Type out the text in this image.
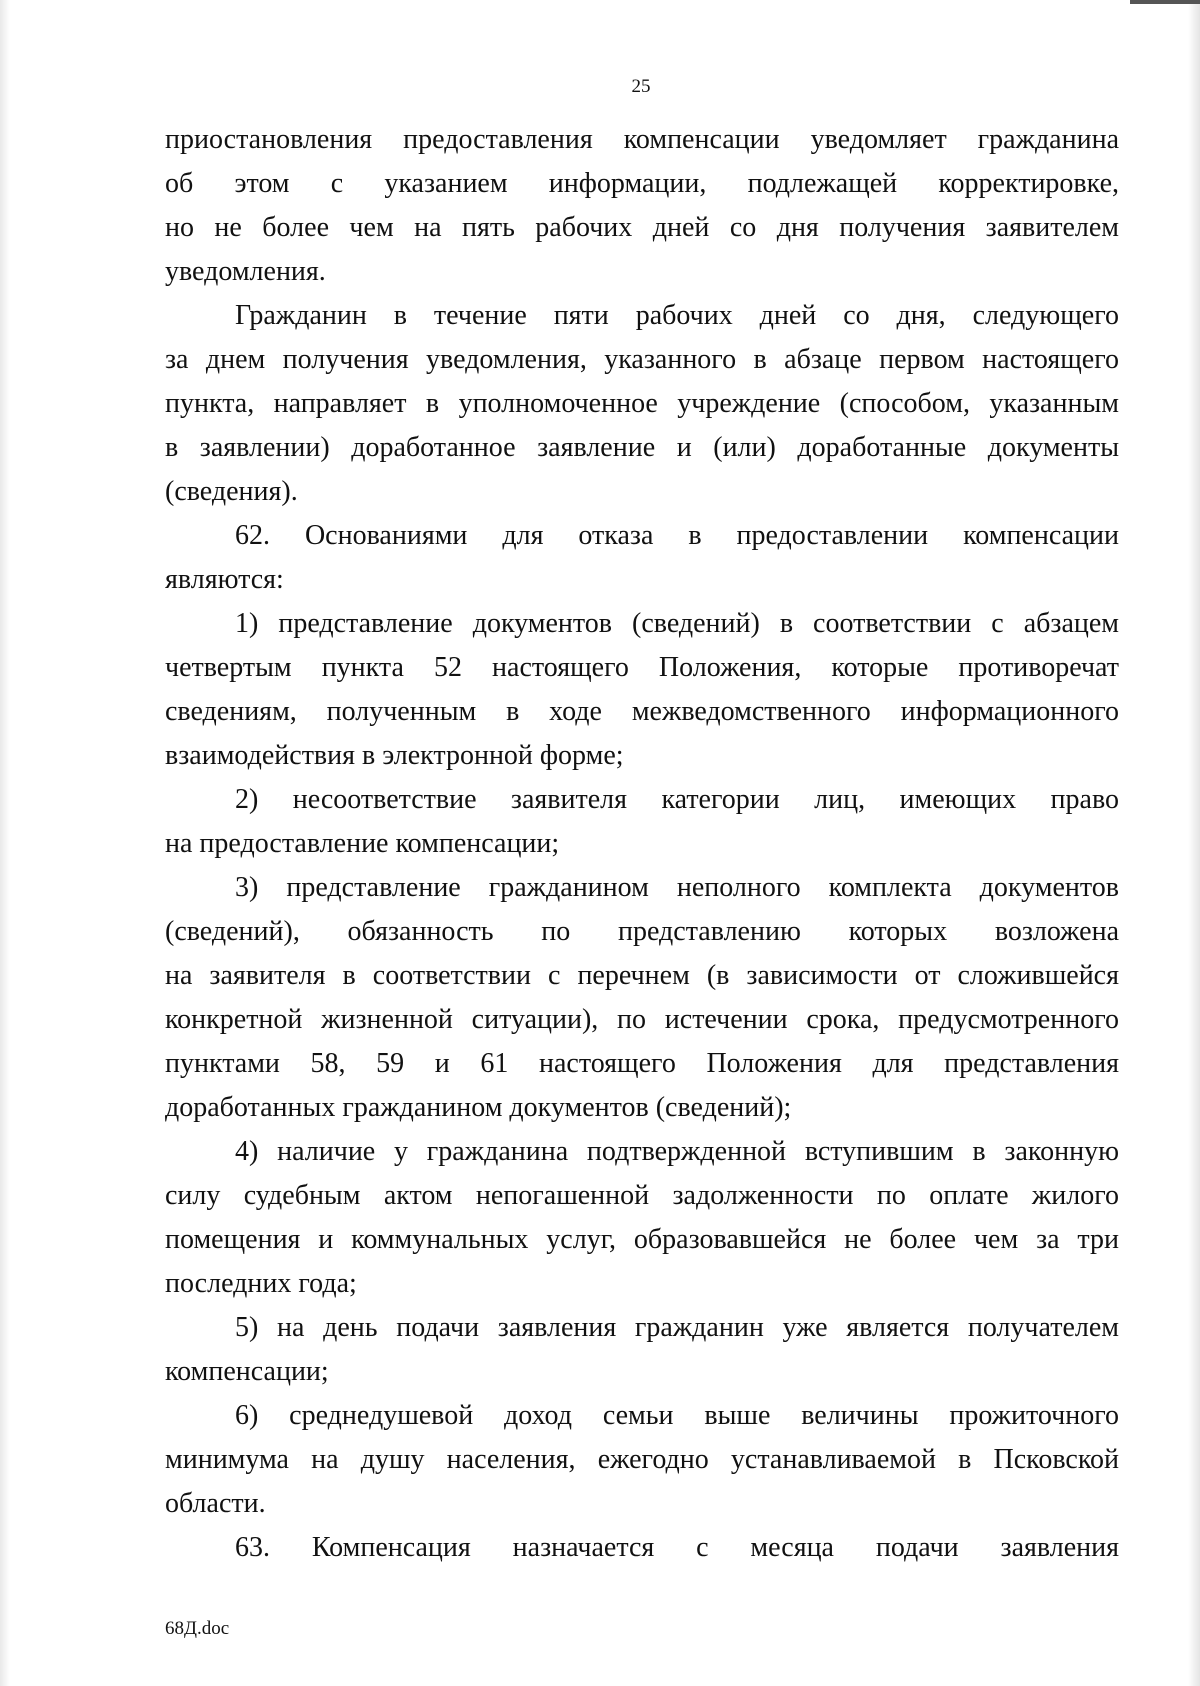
25
приостановления предоставления компенсации уведомляет гражданина
об этом с указанием информации, подлежащей корректировке,
но не более чем на пять рабочих дней со дня получения заявителем
уведомления.
Гражданин в течение пяти рабочих дней со дня, следующего
за днем получения уведомления, указанного в абзаце первом настоящего
пункта, направляет в уполномоченное учреждение (способом, указанным
в заявлении) доработанное заявление и (или) доработанные документы
(сведения).
62. Основаниями для отказа в предоставлении компенсации
являются:
1) представление документов (сведений) в соответствии с абзацем
четвертым пункта 52 настоящего Положения, которые противоречат
сведениям, полученным в ходе межведомственного информационного
взаимодействия в электронной форме;
2) несоответствие заявителя категории лиц, имеющих право
на предоставление компенсации;
3) представление гражданином неполного комплекта документов
(сведений), обязанность по представлению которых возложена
на заявителя в соответствии с перечнем (в зависимости от сложившейся
конкретной жизненной ситуации), по истечении срока, предусмотренного
пунктами 58, 59 и 61 настоящего Положения для представления
доработанных гражданином документов (сведений);
4) наличие у гражданина подтвержденной вступившим в законную
силу судебным актом непогашенной задолженности по оплате жилого
помещения и коммунальных услуг, образовавшейся не более чем за три
последних года;
5) на день подачи заявления гражданин уже является получателем
компенсации;
6) среднедушевой доход семьи выше величины прожиточного
минимума на душу населения, ежегодно устанавливаемой в Псковской
области.
63. Компенсация назначается с месяца подачи заявления
68Д.doc
